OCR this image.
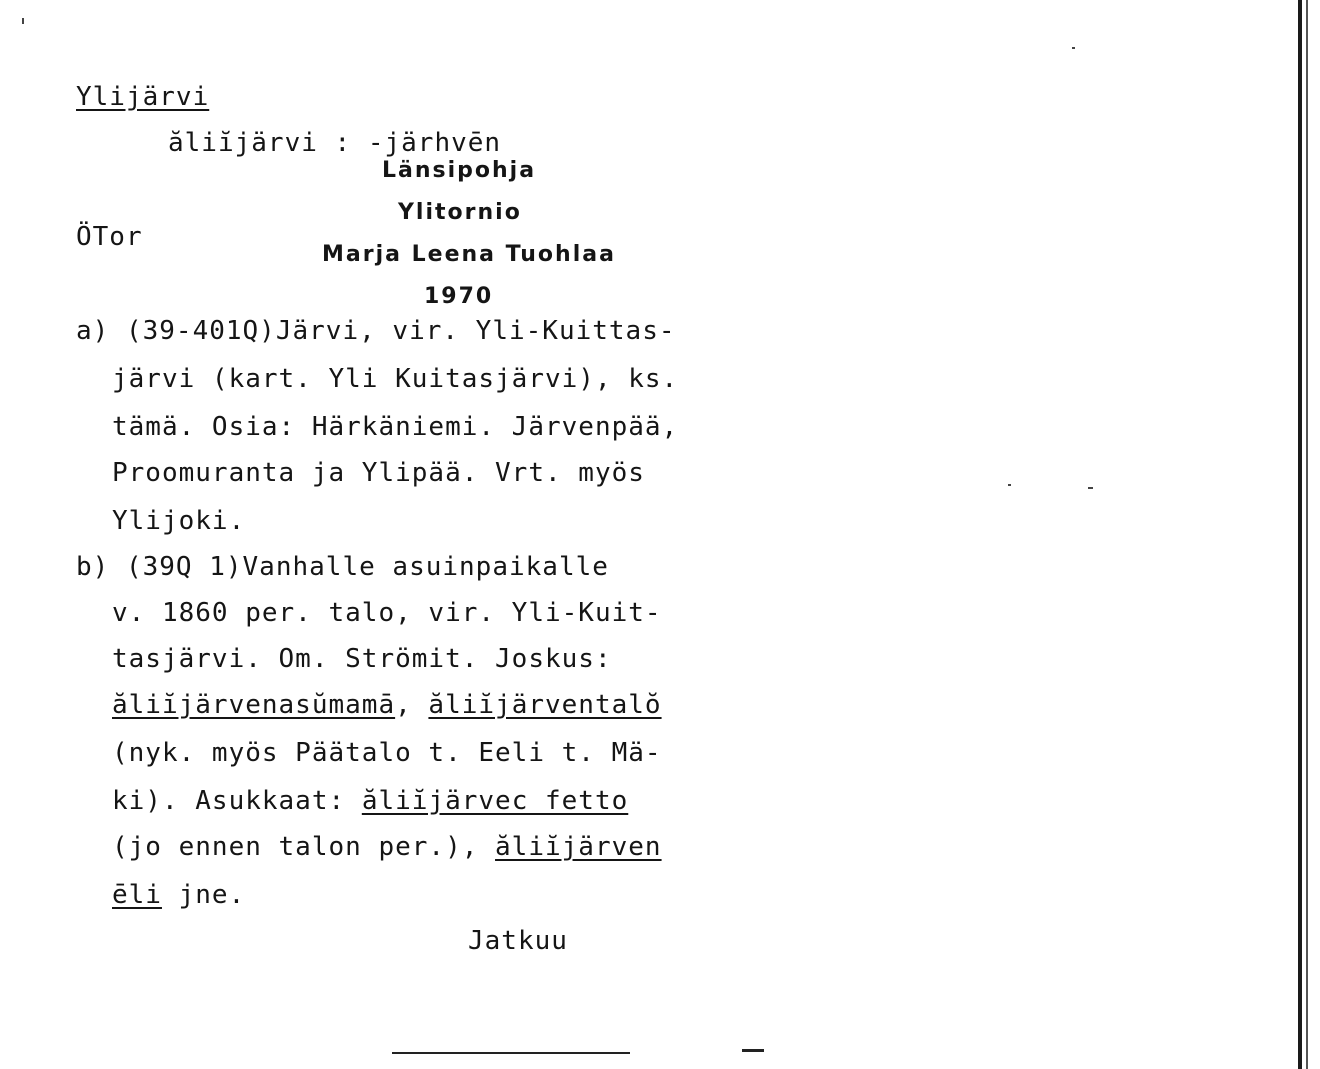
Ylijärvi
ăliĭjärvi : -järhvēn
Länsipohja
Ylitornio
Marja Leena Tuohlaa
1970
ÖTor
a) (39-401Q)Järvi, vir. Yli-Kuittas-
järvi (kart. Yli Kuitasjärvi), ks.
tämä. Osia: Härkäniemi. Järvenpää,
Proomuranta ja Ylipää. Vrt. myös
Ylijoki.
b) (39Q 1)Vanhalle asuinpaikalle
v. 1860 per. talo, vir. Yli-Kuit-
tasjärvi. Om. Strömit. Joskus:
ăliĭjärvenasŭmamā, ăliĭjärventalŏ
(nyk. myös Päätalo t. Eeli t. Mä-
ki). Asukkaat: ăliĭjärvec fetto
(jo ennen talon per.), ăliĭjärven
ēli jne.
Jatkuu
